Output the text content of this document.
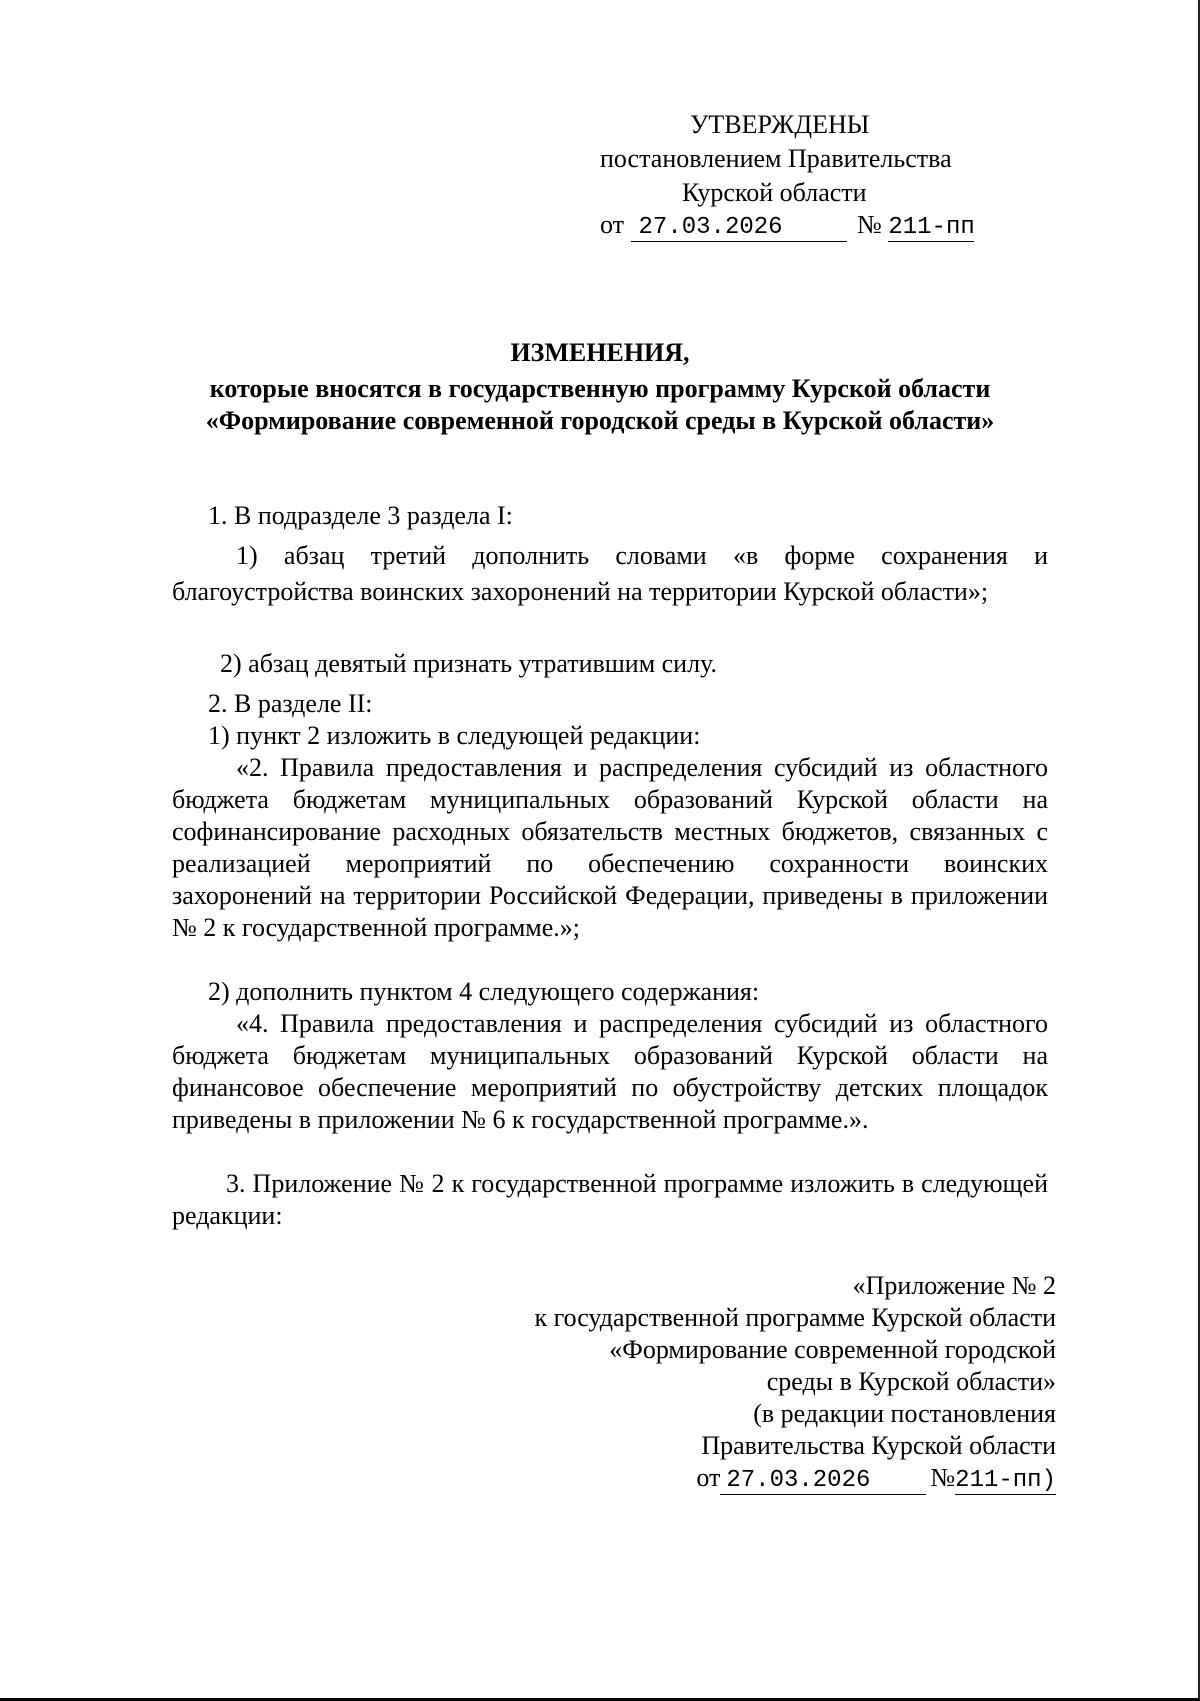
УТВЕРЖДЕНЫ
постановлением Правительства
Курской области
от 27.03.2026	№ 211-пп
ИЗМЕНЕНИЯ,
которые вносятся в государственную программу Курской области
«Формирование современной городской среды в Курской области»
1. В подразделе 3 раздела I:
1) абзац третий дополнить словами «в форме сохранения и благоустройства воинских захоронений на территории Курской области»;
2) абзац девятый признать утратившим силу.
2. В разделе II:
1) пункт 2 изложить в следующей редакции:
«2. Правила предоставления и распределения субсидий из областного бюджета бюджетам муниципальных образований Курской области на софинансирование расходных обязательств местных бюджетов, связанных с реализацией мероприятий по обеспечению сохранности воинских захоронений на территории Российской Федерации, приведены в приложении № 2 к государственной программе.»;
2) дополнить пунктом 4 следующего содержания:
«4. Правила предоставления и распределения субсидий из областного бюджета бюджетам муниципальных образований Курской области на финансовое обеспечение мероприятий по обустройству детских площадок приведены в приложении № 6 к государственной программе.».
3. Приложение № 2 к государственной программе изложить в следующей редакции:
«Приложение № 2
к государственной программе Курской области
«Формирование современной городской
среды в Курской области»
(в редакции постановления
Правительства Курской области
от 27.03.2026 №211-пп)
